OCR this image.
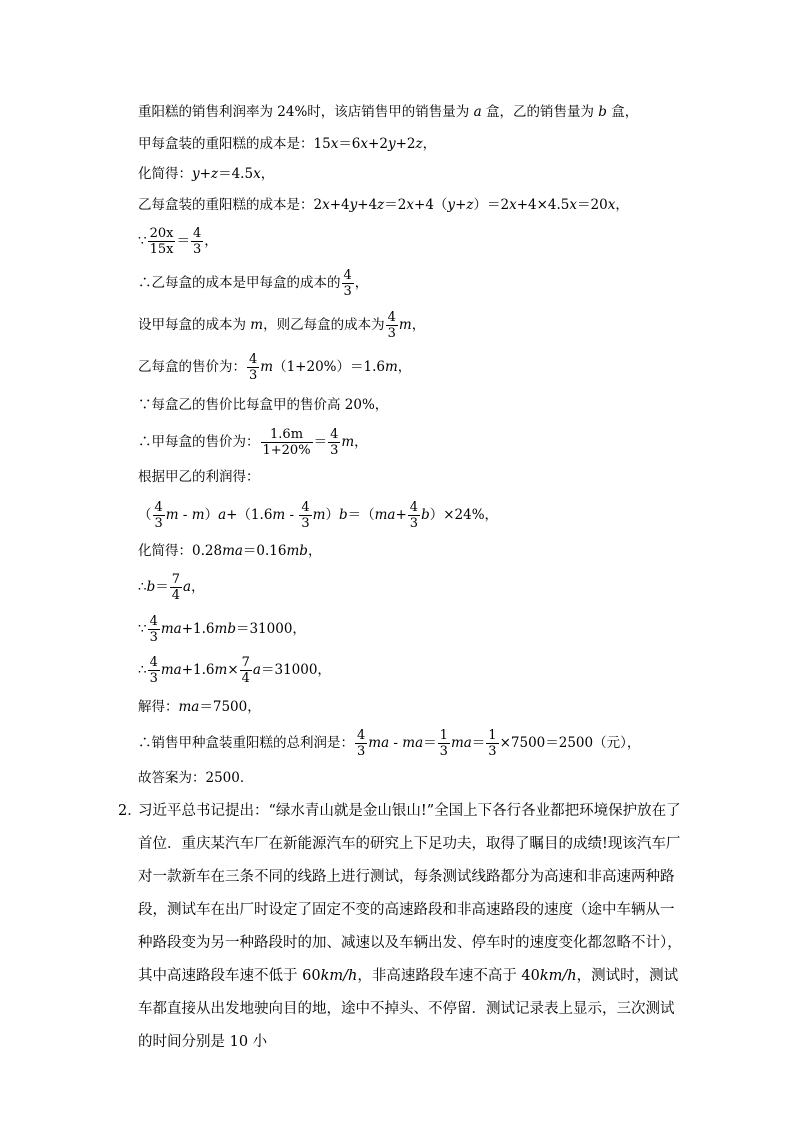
重阳糕的销售利润率为 24%时，该店销售甲的销售量为 a 盒，乙的销售量为 b 盒，
甲每盒装的重阳糕的成本是：15x＝6x+2y+2z，
化简得：y+z＝4.5x，
乙每盒装的重阳糕的成本是：2x+4y+4z＝2x+4（y+z）＝2x+4×4.5x＝20x，
∵ $\frac{20x}{15x} = \frac{4}{3}$ ，
∴乙每盒的成本是甲每盒的成本的 $\frac{4}{3}$ ，
设甲每盒的成本为 m，则乙每盒的成本为 $\frac{4}{3}$ m，
乙每盒的售价为： $\frac{4}{3} m(1+20\%)=1.6m$，
∵每盒乙的售价比每盒甲的售价高 20%，
∴甲每盒的售价为： $\frac{1.6m}{1+20\%} = \frac{4}{3}$ m，
根据甲乙的利润得：
（ $\frac{4}{3}$ $m - m)a+(1.6m - \frac{4}{3} m)b=(ma+ \frac{4}{3} b)\times 24\%$，
化简得：0.28ma＝0.16mb，
∴b＝ $\frac{7}{4}$ a，
∵ $\frac{4}{3} ma+1.6mb=31000$，
∴ $\frac{4}{3} ma+1.6m\times \frac{7}{4} a=31000$，
解得：ma＝7500，
∴销售甲种盒装重阳糕的总利润是： $\frac{4}{3}$ ma - $ma= \frac{1}{3} ma= \frac{1}{3} \times 7500=2500$（元），
故答案为：2500．
2．
习近平总书记提出：“绿水青山就是金山银山!”全国上下各行各业都把环境保护放在了首位．重庆某汽车厂在新能源汽车的研究上下足功夫，取得了瞩目的成绩!现该汽车厂对一款新车在三条不同的线路上进行测试，每条测试线路都分为高速和非高速两种路段，测试车在出厂时设定了固定不变的高速路段和非高速路段的速度（途中车辆从一种路段变为另一种路段时的加、减速以及车辆出发、停车时的速度变化都忽略不计），其中高速路段车速不低于 60km/h，非高速路段车速不高于 40km/h，测试时，测试车都直接从出发地驶向目的地，途中不掉头、不停留．测试记录表上显示，三次测试的时间分别是 10 小
